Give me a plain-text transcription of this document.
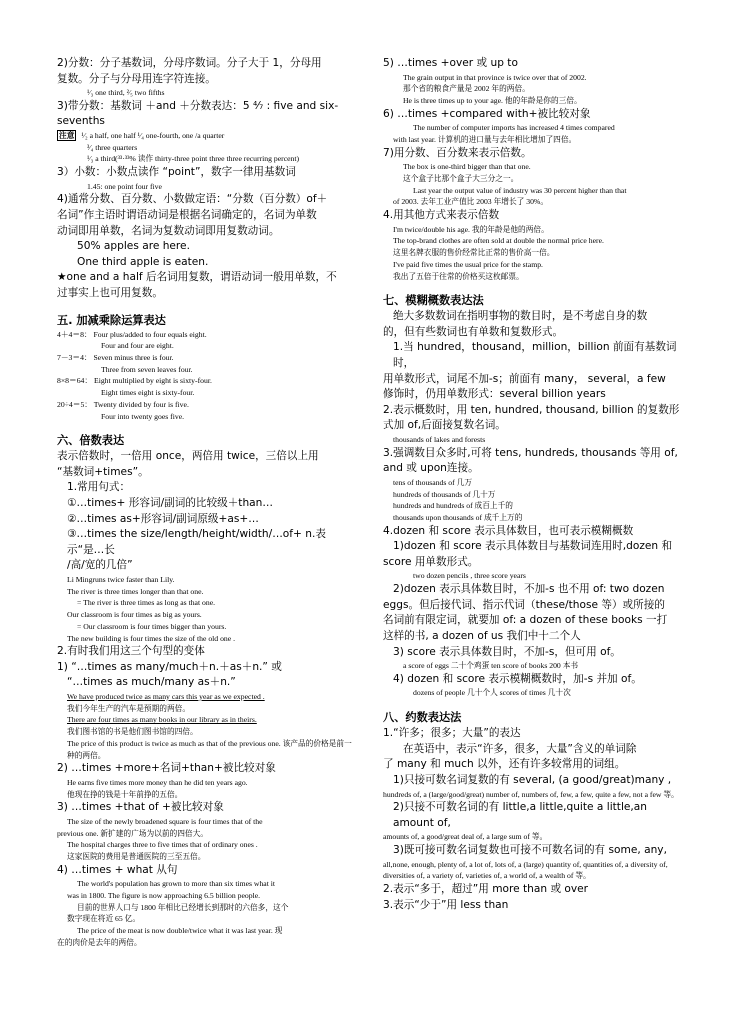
2)分数：分子基数词，分母序数词。分子大于 1，分母用

复数。分子与分母用连字符连接。

¹⁄₃ one third, ²⁄₅ two fifths

3)带分数：基数词 ＋and ＋分数表达：5 ⁴⁄₇ : five and six-sevenths

注意 ¹⁄₂ a half, one half ¹⁄₄ one-fourth, one /a quarter

³⁄₄ three quarters

¹⁄₃ a third(³³·³³% 读作 thirty-three point three three recurring percent)

3）小数：小数点读作 “point”，数字一律用基数词

1.45: one point four five

4)通常分数、百分数、小数做定语：“分数（百分数）of＋

名词”作主语时谓语动词是根据名词确定的，名词为单数

动词即用单数，名词为复数动词即用复数动词。

50% apples are here.

One third apple is eaten.

★one and a half 后名词用复数，谓语动词一般用单数，不

过事实上也可用复数。

五. 加减乘除运算表达

4＋4＝8： Four plus/added to four equals eight.

Four and four are eight.

7－3＝4： Seven minus three is four.

Three from seven leaves four.

8×8＝64： Eight multiplied by eight is sixty-four.

Eight times eight is sixty-four.

20÷4＝5： Twenty divided by four is five.

Four into twenty goes five.

六、倍数表达

表示倍数时，一倍用 once，两倍用 twice，三倍以上用

“基数词+times”。

1.常用句式：

①…times+ 形容词/副词的比较级＋than…

②…times as+形容词/副词原级+as+…

③…times the size/length/height/width/…of+ n.表示“是…长

/高/宽的几倍”

Li Mingruns twice faster than Lily.

The river is three times longer than that one.

= The river is three times as long as that one.

Our classroom is four times as big as yours.

= Our classroom is four times bigger than yours.

The new building is four times the size of the old one .

2.有时我们用这三个句型的变体

1) “…times as many/much＋n.＋as＋n.” 或

“…times as much/many as＋n.”

We have produced twice as many cars this year as we expected .

我们今年生产的汽车是预期的两倍。

There are four times as many books in our library as in theirs.

我们图书馆的书是他们图书馆的四倍。

The price of this product is twice as much as that of the previous one. 该产品的价格是前一种的两倍。

2) …times +more+名词+than+被比较对象

He earns five times more money than he did ten years ago.

他现在挣的钱是十年前挣的五倍。

3) …times +that of +被比较对象

The size of the newly broadened square is four times that of the

previous one. 新扩建的广场为以前的四倍大。

The hospital charges three to five times that of ordinary ones .

这家医院的费用是普通医院的三至五倍。

4) …times + what 从句

The world's population has grown to more than six times what it

was in 1800. The figure is now approaching 6.5 billion people.

目前的世界人口与 1800 年相比已经增长到那时的六倍多，这个

数字现在将近 65 亿。

The price of the meat is now double/twice what it was last year. 现

在的肉价是去年的两倍。

5) …times +over 或 up to

The grain output in that province is twice over that of 2002.

那个省的粮食产量是 2002 年的两倍。

He is three times up to your age. 他的年龄是你的三倍。

6) …times +compared with+被比较对象

The number of computer imports has increased 4 times compared

with last year. 计算机的进口量与去年相比增加了四倍。

7)用分数、百分数来表示倍数。

The box is one-third bigger than that one.

这个盒子比那个盒子大三分之一。

Last year the output value of industry was 30 percent higher than that

of 2003. 去年工业产值比 2003 年增长了 30%。

4.用其他方式来表示倍数

I'm twice/double his age. 我的年龄是他的两倍。

The top-brand clothes are often sold at double the normal price here.

这里名牌衣服的售价经常比正常的售价高一倍。

I've paid five times the usual price for the stamp.

我出了五倍于往常的价格买这枚邮票。

七、模糊概数表达法

绝大多数数词在指明事物的数目时，是不考虑自身的数

的，但有些数词也有单数和复数形式。

1.当 hundred，thousand，million，billion 前面有基数词时，

用单数形式，词尾不加-s；前面有 many， several，a few

修饰时，仍用单数形式：several billion years

2.表示概数时，用 ten, hundred, thousand, billion 的复数形

式加 of,后面接复数名词。

thousands of lakes and forests

3.强调数目众多时,可将 tens, hundreds, thousands 等用 of,

and 或 upon连接。

tens of thousands of 几万

hundreds of thousands of 几十万

hundreds and hundreds of 成百上千的

thousands upon thousands of 成千上万的

4.dozen 和 score 表示具体数目，也可表示模糊概数

1)dozen 和 score 表示具体数目与基数词连用时,dozen 和

score 用单数形式。

two dozen pencils , three score years

2)dozen 表示具体数目时，不加-s 也不用 of: two dozen

eggs。但后接代词、指示代词（these/those 等）或所接的

名词前有限定词，就要加 of: a dozen of these books 一打

这样的书, a dozen of us 我们中十二个人

3) score 表示具体数目时，不加-s，但可用 of。

a score of eggs 二十个鸡蛋 ten score of books 200 本书

4) dozen 和 score 表示模糊概数时，加-s 并加 of。

dozens of people 几十个人 scores of times 几十次

八、约数表达法

1.“许多；很多；大量”的表达

在英语中，表示“许多，很多，大量”含义的单词除

了 many 和 much 以外，还有许多较常用的词组。

1)只接可数名词复数的有 several, (a good/great)many ,

hundreds of, a (large/good/great) number of, numbers of, few, a few, quite a few, not a few 等。

2)只接不可数名词的有 little,a little,quite a little,an amount of,

amounts of, a good/great deal of, a large sum of 等。

3)既可接可数名词复数也可接不可数名词的有 some, any,

all,none, enough, plenty of, a lot of, lots of, a (large) quantity of, quantities of, a diversity of, diversities of, a variety of, varieties of, a world of, a wealth of 等。

2.表示“多于，超过”用 more than 或 over

3.表示“少于”用 less than
